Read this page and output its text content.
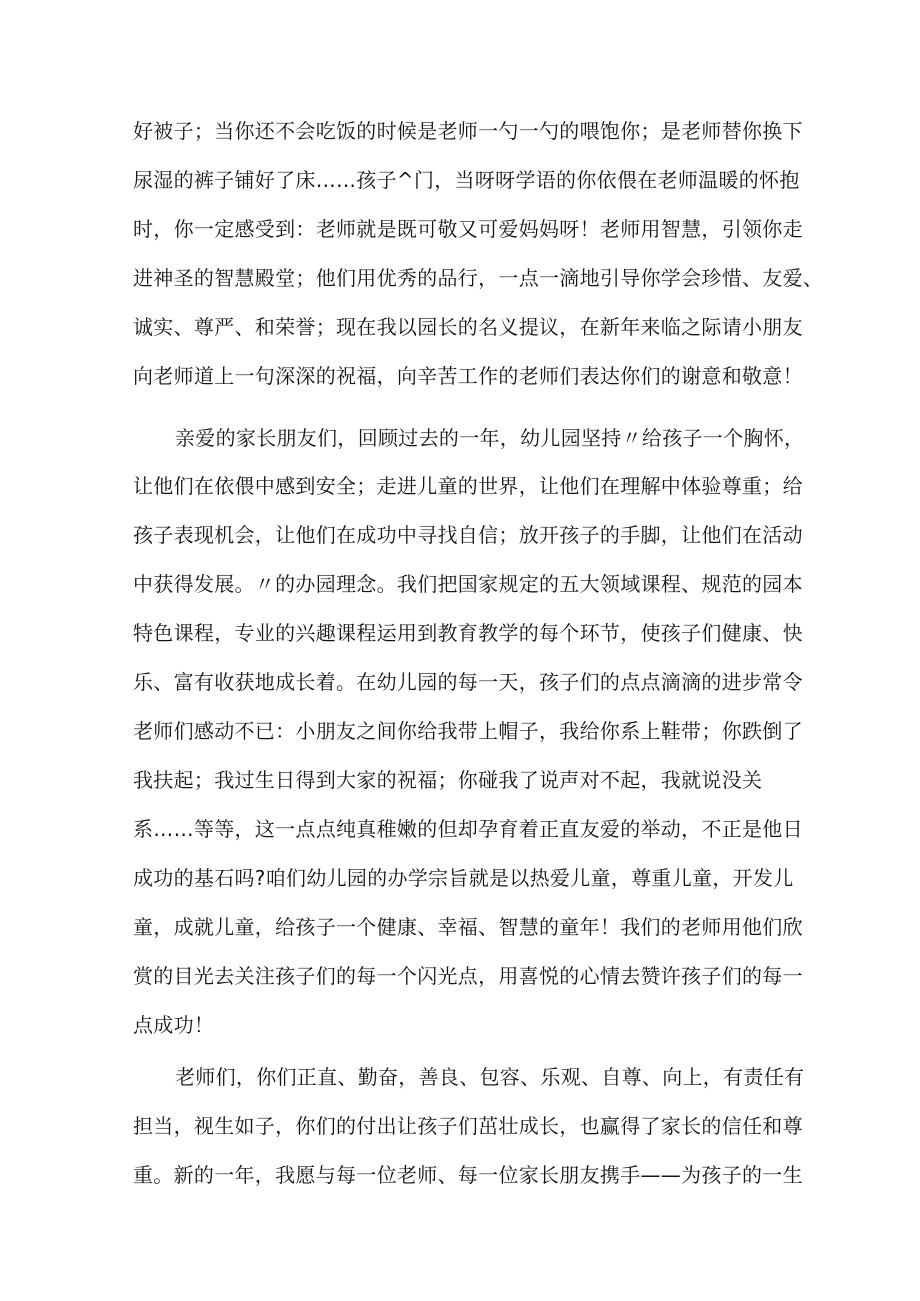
好被子；当你还不会吃饭的时候是老师一勺一勺的喂饱你；是老师替你换下
尿湿的裤子铺好了床……孩子^门，当呀呀学语的你依偎在老师温暖的怀抱
时，你一定感受到：老师就是既可敬又可爱妈妈呀！老师用智慧，引领你走
进神圣的智慧殿堂；他们用优秀的品行，一点一滴地引导你学会珍惜、友爱、
诚实、尊严、和荣誉；现在我以园长的名义提议，在新年来临之际请小朋友
向老师道上一句深深的祝福，向辛苦工作的老师们表达你们的谢意和敬意！
亲爱的家长朋友们，回顾过去的一年，幼儿园坚持〃给孩子一个胸怀，
让他们在依偎中感到安全；走进儿童的世界，让他们在理解中体验尊重；给
孩子表现机会，让他们在成功中寻找自信；放开孩子的手脚，让他们在活动
中获得发展。〃的办园理念。我们把国家规定的五大领域课程、规范的园本
特色课程，专业的兴趣课程运用到教育教学的每个环节，使孩子们健康、快
乐、富有收获地成长着。在幼儿园的每一天，孩子们的点点滴滴的进步常令
老师们感动不已：小朋友之间你给我带上帽子，我给你系上鞋带；你跌倒了
我扶起；我过生日得到大家的祝福；你碰我了说声对不起，我就说没关
系……等等，这一点点纯真稚嫩的但却孕育着正直友爱的举动，不正是他日
成功的基石吗?咱们幼儿园的办学宗旨就是以热爱儿童，尊重儿童，开发儿
童，成就儿童，给孩子一个健康、幸福、智慧的童年！我们的老师用他们欣
赏的目光去关注孩子们的每一个闪光点，用喜悦的心情去赞许孩子们的每一
点成功！
老师们，你们正直、勤奋，善良、包容、乐观、自尊、向上，有责任有
担当，视生如子，你们的付出让孩子们茁壮成长，也赢得了家长的信任和尊
重。新的一年，我愿与每一位老师、每一位家长朋友携手——为孩子的一生
